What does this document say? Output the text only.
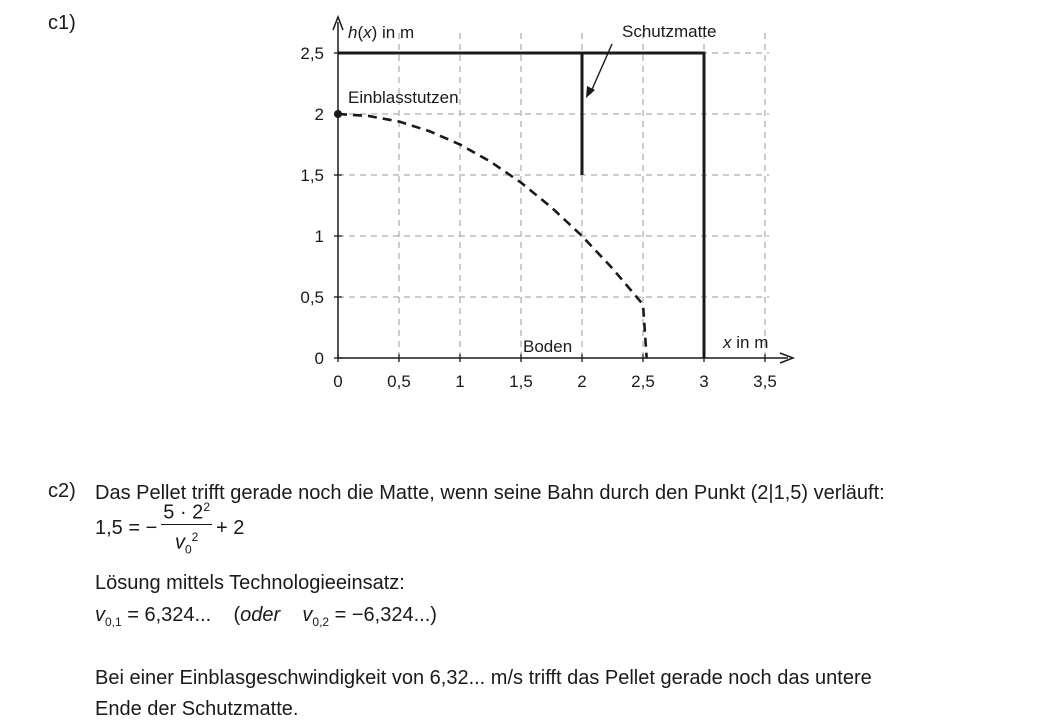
c1)
0	0,5	1	1,5	2	2,5	3	3,5
0
0,5
1
1,5
2
2,5
h(x) in m
x in m
Einblasstutzen
Schutzmatte
Boden
c2) Das Pellet trifft gerade noch die Matte, wenn seine Bahn durch den Punkt (2|1,5) verläuft:
1,5 = − $\frac{5 \cdot 2^2}{v_0^2} + 2$
Lösung mittels Technologieeinsatz:
$v_{0,1} = 6,324$... (oder $v_{0,2} = -6,324$...)
Bei einer Einblasgeschwindigkeit von 6,32... m/s trifft das Pellet gerade noch das untere
Ende der Schutzmatte.
